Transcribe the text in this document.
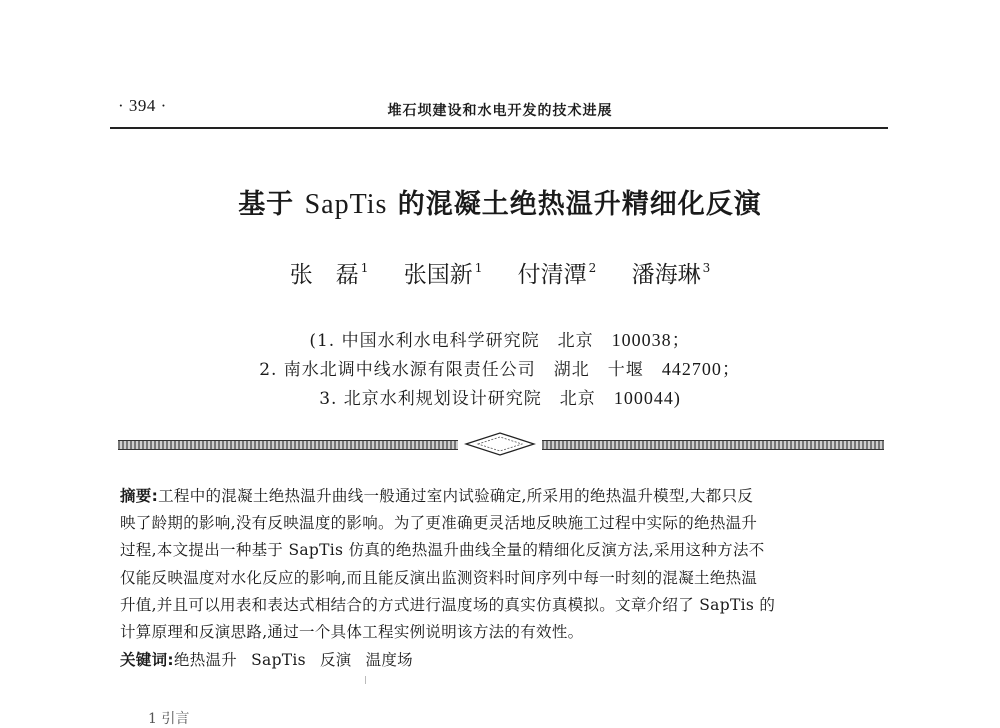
· 394 ·	堆石坝建设和水电开发的技术进展
基于 SapTis 的混凝土绝热温升精细化反演
张　磊 $^1$ 张国新 $^1$ 付清潭 $^2$ 潘海琳 $^3$
(1. 中国水利水电科学研究院　北京　100038；
2. 南水北调中线水源有限责任公司　湖北　十堰　442700；
3. 北京水利规划设计研究院　北京　100044)
摘要:工程中的混凝土绝热温升曲线一般通过室内试验确定,所采用的绝热温升模型,大都只反
映了龄期的影响,没有反映温度的影响。为了更准确更灵活地反映施工过程中实际的绝热温升
过程,本文提出一种基于 SapTis 仿真的绝热温升曲线全量的精细化反演方法,采用这种方法不
仅能反映温度对水化反应的影响,而且能反演出监测资料时间序列中每一时刻的混凝土绝热温
升值,并且可以用表和表达式相结合的方式进行温度场的真实仿真模拟。文章介绍了 SapTis 的
计算原理和反演思路,通过一个具体工程实例说明该方法的有效性。
关键词:绝热温升 SapTis 反演 温度场
1 引言
